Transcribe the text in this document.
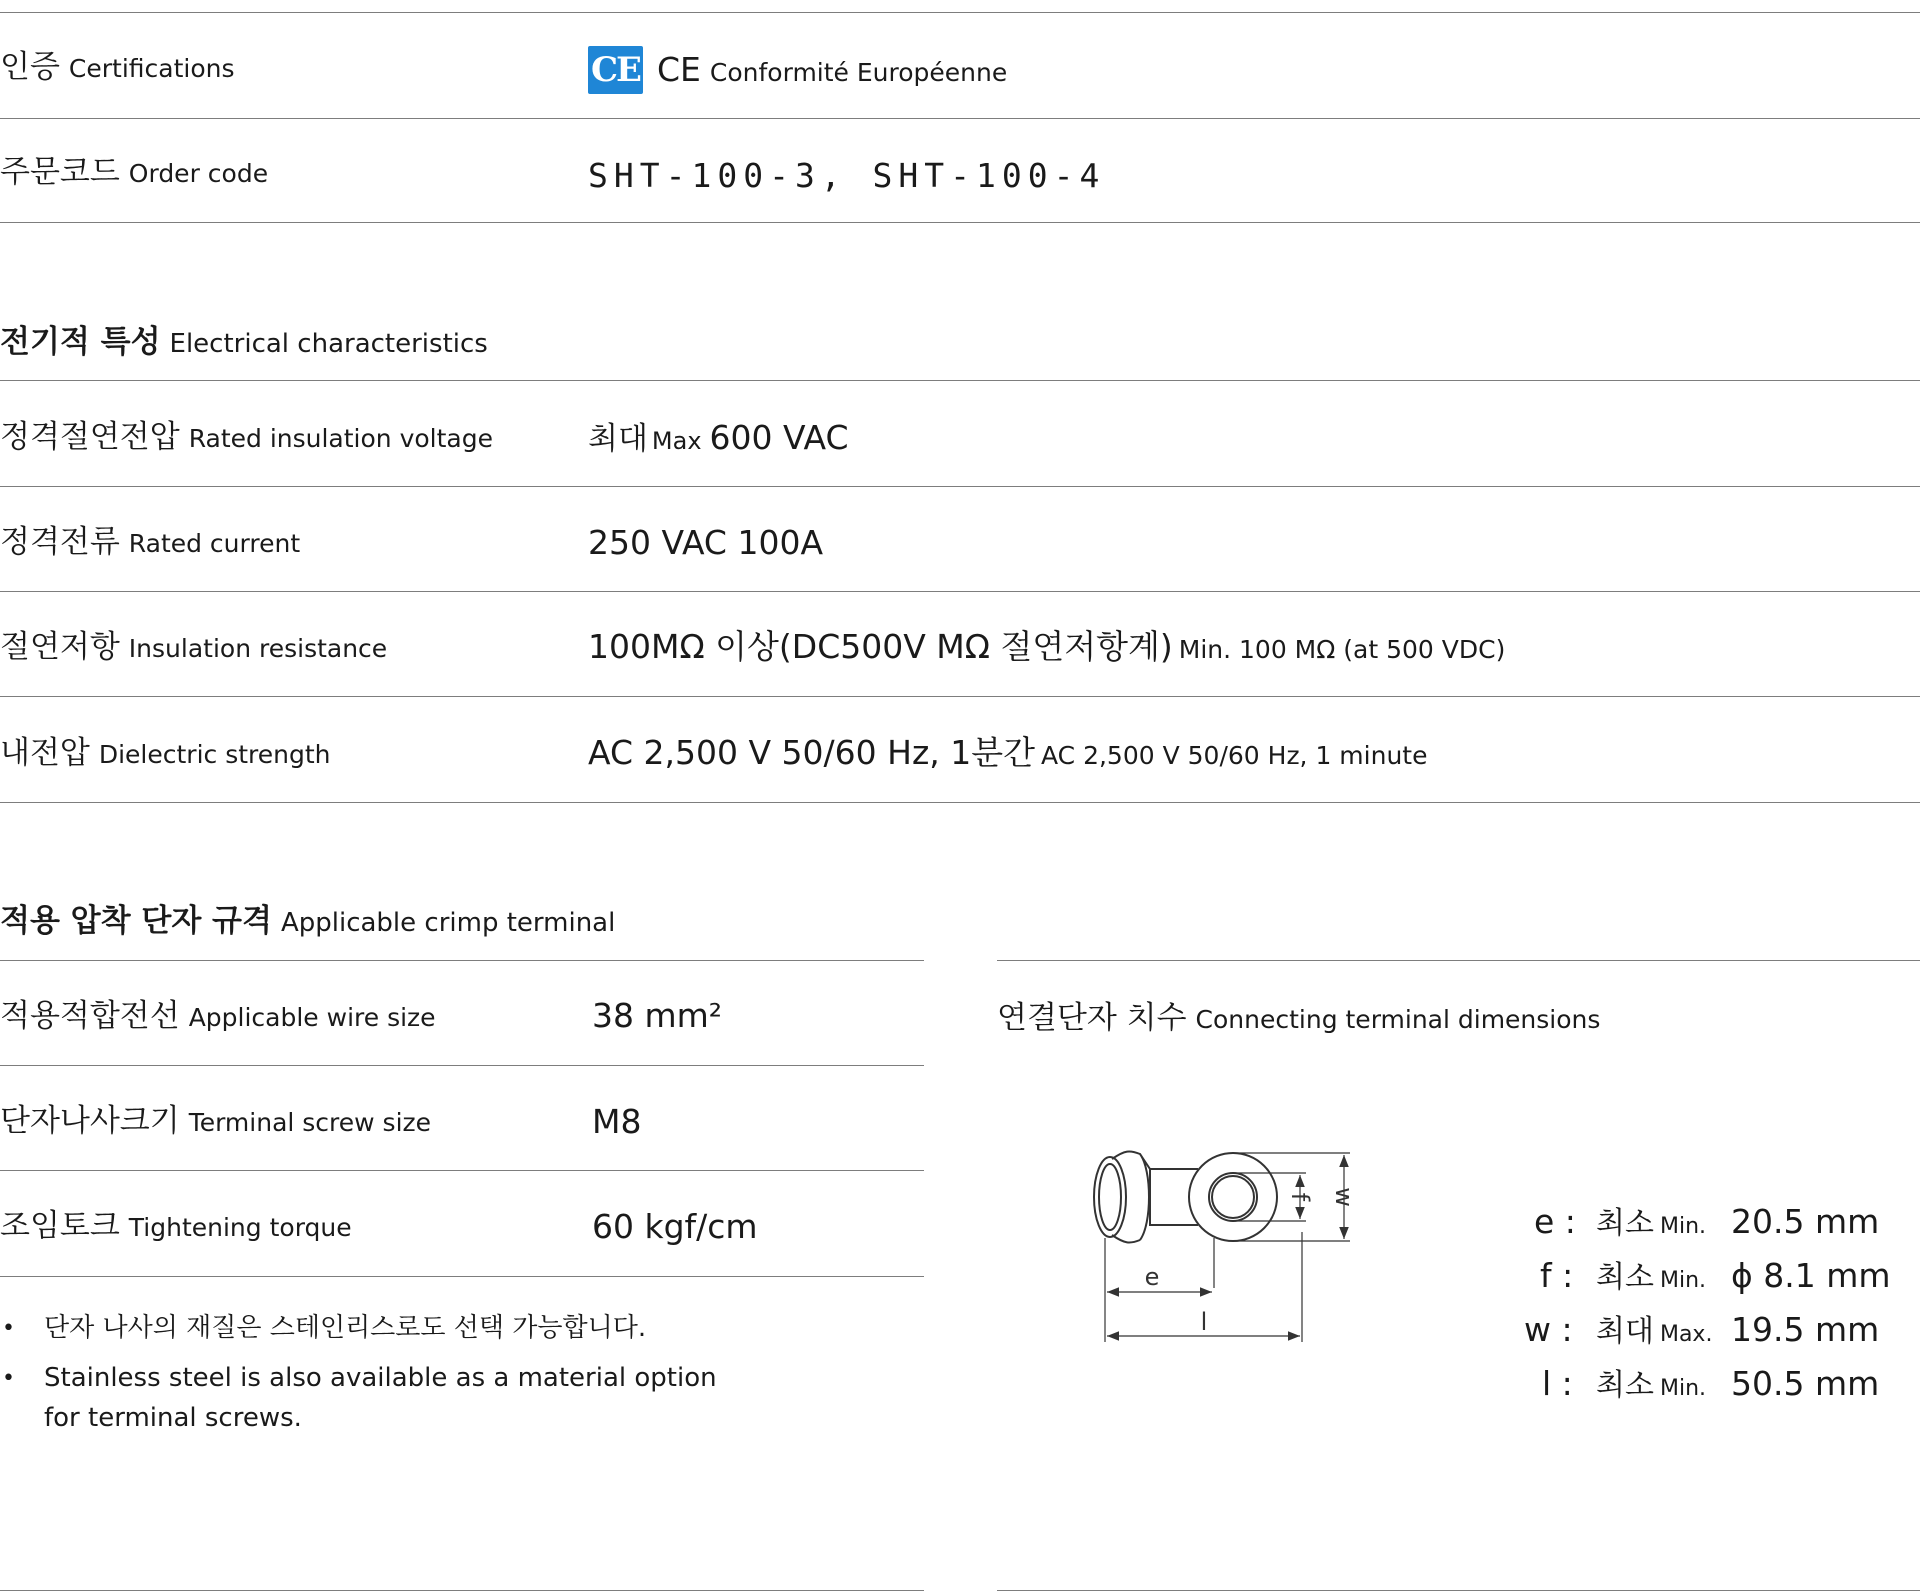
인증 Certifications	CE CE Conformité Européenne
주문코드 Order code	SHT-100-3, SHT-100-4
전기적 특성 Electrical characteristics
정격절연전압 Rated insulation voltage	최대 Max 600 VAC
정격전류 Rated current	250 VAC 100A
절연저항 Insulation resistance	100MΩ 이상(DC500V MΩ 절연저항계) Min. 100 MΩ (at 500 VDC)
내전압 Dielectric strength	AC 2,500 V 50/60 Hz, 1분간 AC 2,500 V 50/60 Hz, 1 minute
적용 압착 단자 규격 Applicable crimp terminal
적용적합전선 Applicable wire size	38 mm²
단자나사크기 Terminal screw size	M8
조임토크 Tightening torque	60 kgf/cm
• 단자 나사의 재질은 스테인리스로도 선택 가능합니다.
• Stainless steel is also available as a material option for terminal screws.
연결단자 치수 Connecting terminal dimensions
e
l
f w
e : 최소 Min. 20.5 mm
f : 최소 Min. ϕ 8.1 mm
w : 최대 Max. 19.5 mm
l : 최소 Min. 50.5 mm
